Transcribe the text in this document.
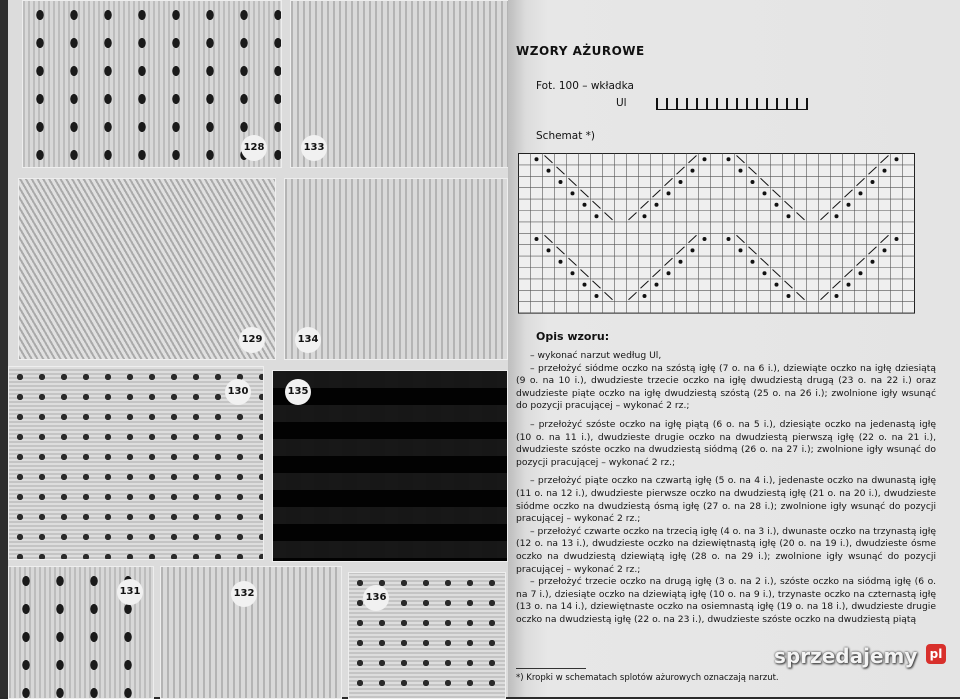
128	133
129	134
130	135
131	132	136
WZORY AŻUROWE
Fot. 100 – wkładka
Ul
Schemat *)
Opis wzoru:

– wykonać narzut według Ul,

– przełożyć siódme oczko na szóstą igłę (7 o. na 6 i.), dziewiąte oczko na igłę dziesiątą (9 o. na 10 i.), dwudzieste trzecie oczko na igłę dwudziestą drugą (23 o. na 22 i.) oraz dwudzieste piąte oczko na igłę dwudziestą szóstą (25 o. na 26 i.); zwolnione igły wsunąć do pozycji pracującej – wykonać 2 rz.;

– przełożyć szóste oczko na igłę piątą (6 o. na 5 i.), dziesiąte oczko na jedenastą igłę (10 o. na 11 i.), dwudzieste drugie oczko na dwudziestą pierwszą igłę (22 o. na 21 i.), dwudzieste szóste oczko na dwudziestą siódmą (26 o. na 27 i.); zwolnione igły wsunąć do pozycji pracującej – wykonać 2 rz.;

– przełożyć piąte oczko na czwartą igłę (5 o. na 4 i.), jedenaste oczko na dwunastą igłę (11 o. na 12 i.), dwudzieste pierwsze oczko na dwudziestą igłę (21 o. na 20 i.), dwudzieste siódme oczko na dwudziestą ósmą igłę (27 o. na 28 i.); zwolnione igły wsunąć do pozycji pracującej – wykonać 2 rz.;

– przełożyć czwarte oczko na trzecią igłę (4 o. na 3 i.), dwunaste oczko na trzynastą igłę (12 o. na 13 i.), dwudzieste oczko na dziewiętnastą igłę (20 o. na 19 i.), dwudzieste ósme oczko na dwudziestą dziewiątą igłę (28 o. na 29 i.); zwolnione igły wsunąć do pozycji pracującej – wykonać 2 rz.;

– przełożyć trzecie oczko na drugą igłę (3 o. na 2 i.), szóste oczko na siódmą igłę (6 o. na 7 i.), dziesiąte oczko na dziewiątą igłę (10 o. na 9 i.), trzynaste oczko na czternastą igłę (13 o. na 14 i.), dziewiętnaste oczko na osiemnastą igłę (19 o. na 18 i.), dwudzieste drugie oczko na dwudziestą igłę (22 o. na 23 i.), dwudzieste szóste oczko na dwudziestą piątą

*) Kropki w schematach splotów ażurowych oznaczają narzut.
sprzedajemy	pl
